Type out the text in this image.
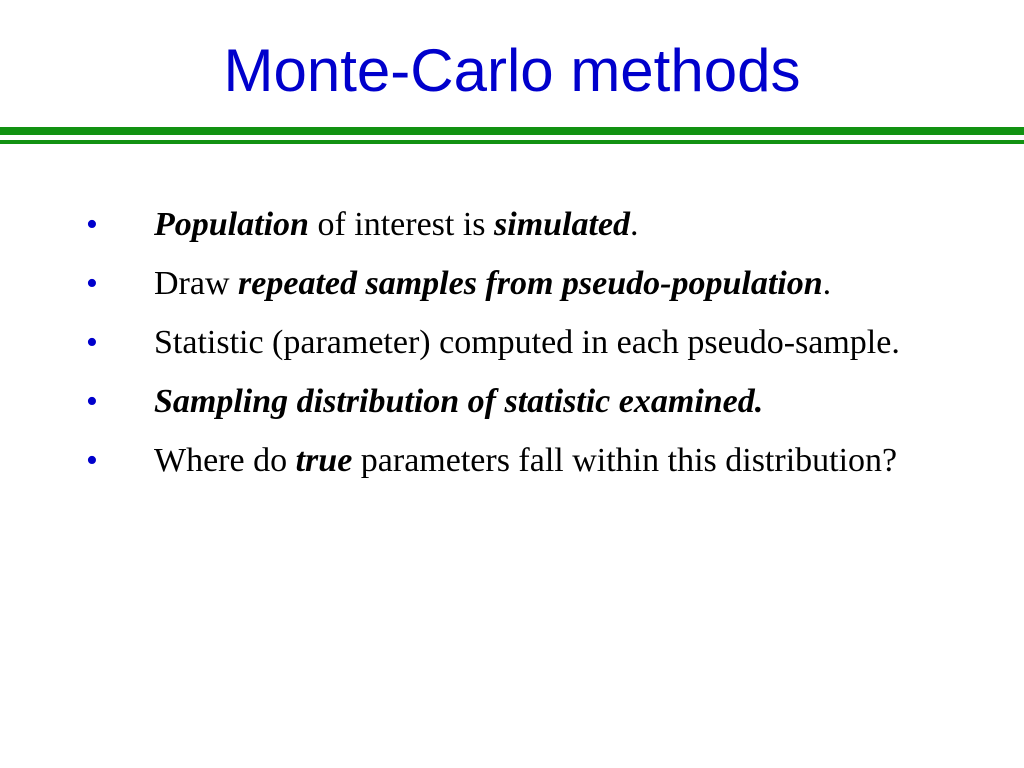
Monte-Carlo methods
• Population of interest is simulated.
• Draw repeated samples from pseudo-population.
• Statistic (parameter) computed in each pseudo-sample.
• Sampling distribution of statistic examined.
• Where do true parameters fall within this distribution?
